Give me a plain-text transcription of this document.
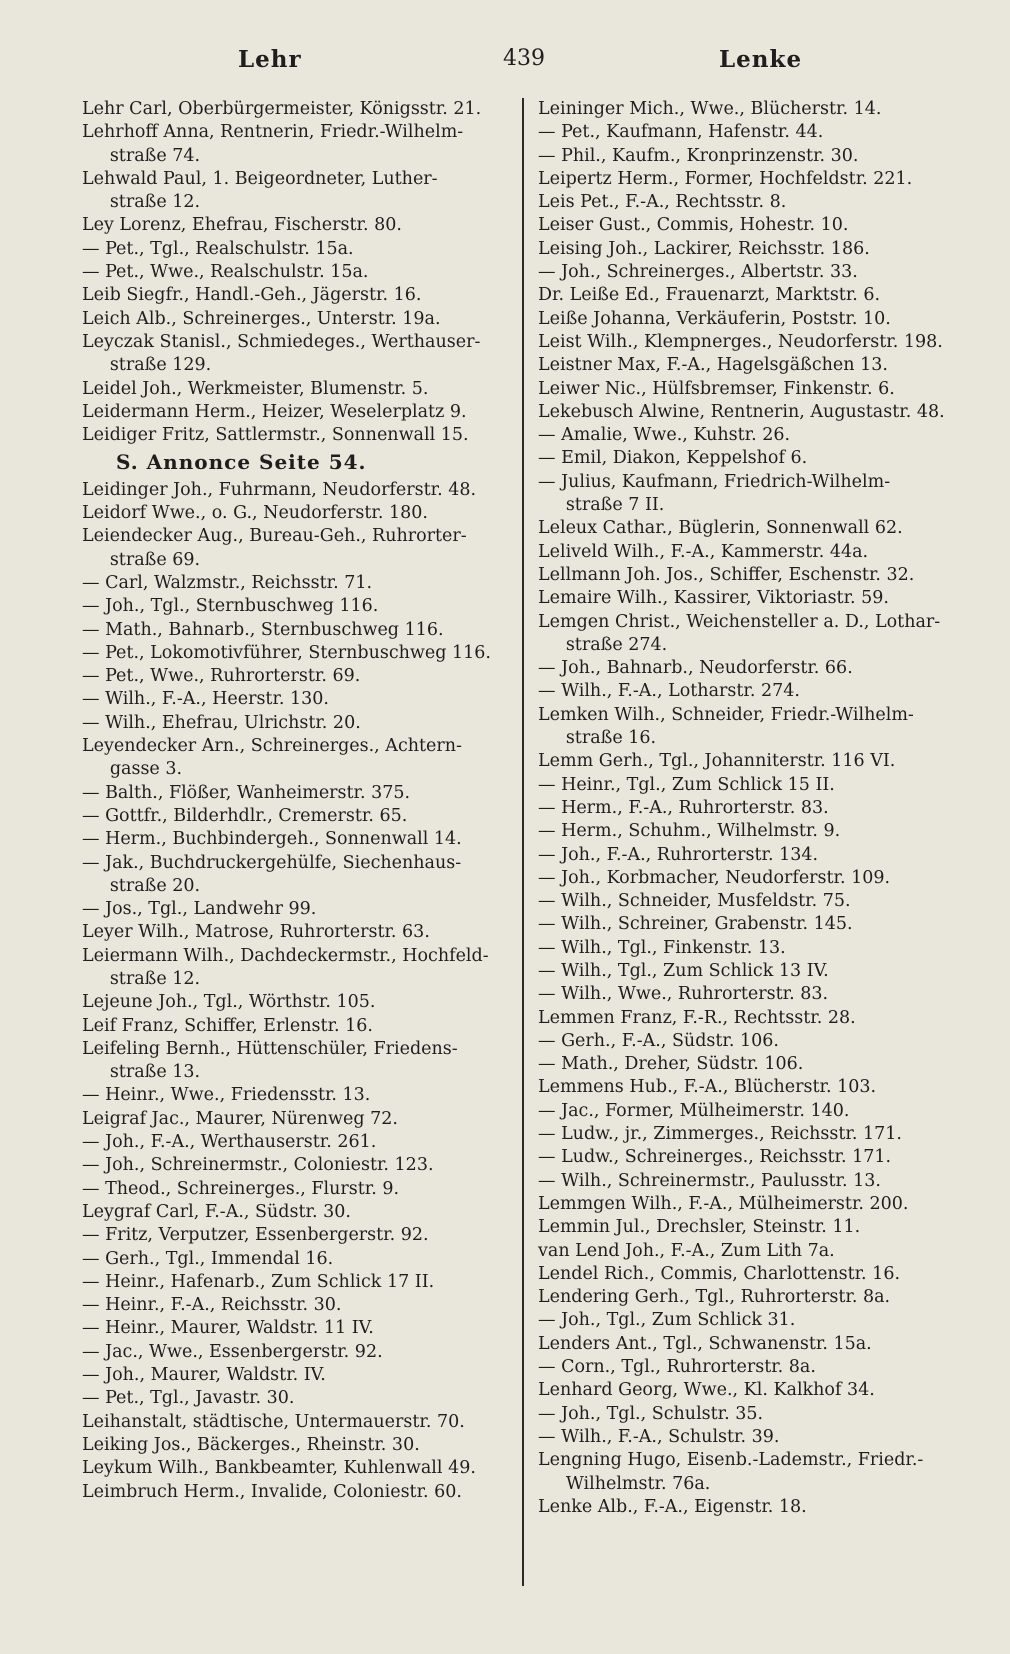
Lehr	439	Lenke

Lehr Carl, Oberbürgermeister, Königsstr. 21.

Lehrhoff Anna, Rentnerin, Friedr.-Wilhelm-

straße 74.

Lehwald Paul, 1. Beigeordneter, Luther-

straße 12.

Ley Lorenz, Ehefrau, Fischerstr. 80.

— Pet., Tgl., Realschulstr. 15a.

— Pet., Wwe., Realschulstr. 15a.

Leib Siegfr., Handl.-Geh., Jägerstr. 16.

Leich Alb., Schreinerges., Unterstr. 19a.

Leyczak Stanisl., Schmiedeges., Werthauser-

straße 129.

Leidel Joh., Werkmeister, Blumenstr. 5.

Leidermann Herm., Heizer, Weselerplatz 9.

Leidiger Fritz, Sattlermstr., Sonnenwall 15.

S. Annonce Seite 54.

Leidinger Joh., Fuhrmann, Neudorferstr. 48.

Leidorf Wwe., o. G., Neudorferstr. 180.

Leiendecker Aug., Bureau-Geh., Ruhrorter-

straße 69.

— Carl, Walzmstr., Reichsstr. 71.

— Joh., Tgl., Sternbuschweg 116.

— Math., Bahnarb., Sternbuschweg 116.

— Pet., Lokomotivführer, Sternbuschweg 116.

— Pet., Wwe., Ruhrorterstr. 69.

— Wilh., F.-A., Heerstr. 130.

— Wilh., Ehefrau, Ulrichstr. 20.

Leyendecker Arn., Schreinerges., Achtern-

gasse 3.

— Balth., Flößer, Wanheimerstr. 375.

— Gottfr., Bilderhdlr., Cremerstr. 65.

— Herm., Buchbindergeh., Sonnenwall 14.

— Jak., Buchdruckergehülfe, Siechenhaus-

straße 20.

— Jos., Tgl., Landwehr 99.

Leyer Wilh., Matrose, Ruhrorterstr. 63.

Leiermann Wilh., Dachdeckermstr., Hochfeld-

straße 12.

Lejeune Joh., Tgl., Wörthstr. 105.

Leif Franz, Schiffer, Erlenstr. 16.

Leifeling Bernh., Hüttenschüler, Friedens-

straße 13.

— Heinr., Wwe., Friedensstr. 13.

Leigraf Jac., Maurer, Nürenweg 72.

— Joh., F.-A., Werthauserstr. 261.

— Joh., Schreinermstr., Coloniestr. 123.

— Theod., Schreinerges., Flurstr. 9.

Leygraf Carl, F.-A., Südstr. 30.

— Fritz, Verputzer, Essenbergerstr. 92.

— Gerh., Tgl., Immendal 16.

— Heinr., Hafenarb., Zum Schlick 17 II.

— Heinr., F.-A., Reichsstr. 30.

— Heinr., Maurer, Waldstr. 11 IV.

— Jac., Wwe., Essenbergerstr. 92.

— Joh., Maurer, Waldstr. IV.

— Pet., Tgl., Javastr. 30.

Leihanstalt, städtische, Untermauerstr. 70.

Leiking Jos., Bäckerges., Rheinstr. 30.

Leykum Wilh., Bankbeamter, Kuhlenwall 49.

Leimbruch Herm., Invalide, Coloniestr. 60.

Leininger Mich., Wwe., Blücherstr. 14.

— Pet., Kaufmann, Hafenstr. 44.

— Phil., Kaufm., Kronprinzenstr. 30.

Leipertz Herm., Former, Hochfeldstr. 221.

Leis Pet., F.-A., Rechtsstr. 8.

Leiser Gust., Commis, Hohestr. 10.

Leising Joh., Lackirer, Reichsstr. 186.

— Joh., Schreinerges., Albertstr. 33.

Dr. Leiße Ed., Frauenarzt, Marktstr. 6.

Leiße Johanna, Verkäuferin, Poststr. 10.

Leist Wilh., Klempnerges., Neudorferstr. 198.

Leistner Max, F.-A., Hagelsgäßchen 13.

Leiwer Nic., Hülfsbremser, Finkenstr. 6.

Lekebusch Alwine, Rentnerin, Augustastr. 48.

— Amalie, Wwe., Kuhstr. 26.

— Emil, Diakon, Keppelshof 6.

— Julius, Kaufmann, Friedrich-Wilhelm-

straße 7 II.

Leleux Cathar., Büglerin, Sonnenwall 62.

Leliveld Wilh., F.-A., Kammerstr. 44a.

Lellmann Joh. Jos., Schiffer, Eschenstr. 32.

Lemaire Wilh., Kassirer, Viktoriastr. 59.

Lemgen Christ., Weichensteller a. D., Lothar-

straße 274.

— Joh., Bahnarb., Neudorferstr. 66.

— Wilh., F.-A., Lotharstr. 274.

Lemken Wilh., Schneider, Friedr.-Wilhelm-

straße 16.

Lemm Gerh., Tgl., Johanniterstr. 116 VI.

— Heinr., Tgl., Zum Schlick 15 II.

— Herm., F.-A., Ruhrorterstr. 83.

— Herm., Schuhm., Wilhelmstr. 9.

— Joh., F.-A., Ruhrorterstr. 134.

— Joh., Korbmacher, Neudorferstr. 109.

— Wilh., Schneider, Musfeldstr. 75.

— Wilh., Schreiner, Grabenstr. 145.

— Wilh., Tgl., Finkenstr. 13.

— Wilh., Tgl., Zum Schlick 13 IV.

— Wilh., Wwe., Ruhrorterstr. 83.

Lemmen Franz, F.-R., Rechtsstr. 28.

— Gerh., F.-A., Südstr. 106.

— Math., Dreher, Südstr. 106.

Lemmens Hub., F.-A., Blücherstr. 103.

— Jac., Former, Mülheimerstr. 140.

— Ludw., jr., Zimmerges., Reichsstr. 171.

— Ludw., Schreinerges., Reichsstr. 171.

— Wilh., Schreinermstr., Paulusstr. 13.

Lemmgen Wilh., F.-A., Mülheimerstr. 200.

Lemmin Jul., Drechsler, Steinstr. 11.

van Lend Joh., F.-A., Zum Lith 7a.

Lendel Rich., Commis, Charlottenstr. 16.

Lendering Gerh., Tgl., Ruhrorterstr. 8a.

— Joh., Tgl., Zum Schlick 31.

Lenders Ant., Tgl., Schwanenstr. 15a.

— Corn., Tgl., Ruhrorterstr. 8a.

Lenhard Georg, Wwe., Kl. Kalkhof 34.

— Joh., Tgl., Schulstr. 35.

— Wilh., F.-A., Schulstr. 39.

Lengning Hugo, Eisenb.-Lademstr., Friedr.-

Wilhelmstr. 76a.

Lenke Alb., F.-A., Eigenstr. 18.
